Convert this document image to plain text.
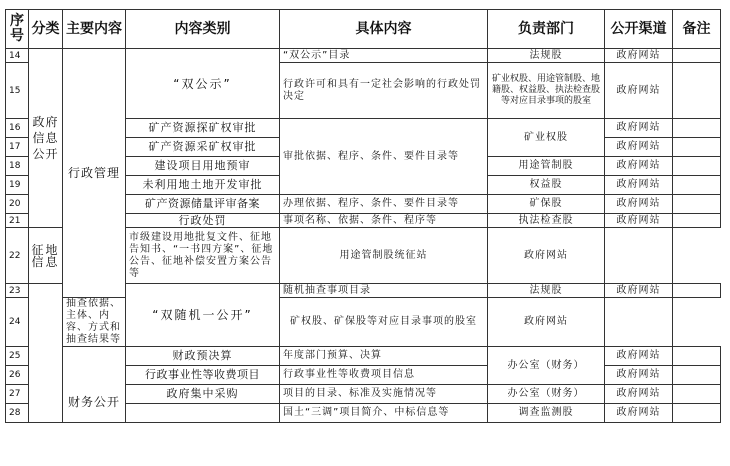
序号	分类	主要内容	内容类别	具体内容	负责部门	公开渠道	备注
14	政府信息公开	行政管理	“双公示”	“双公示”目录	法规股	政府网站	
15				行政许可和具有一定社会影响的行政处罚决定	矿业权股、用途管制股、地籍股、权益股、执法检查股等对应目录事项的股室	政府网站	
16			矿产资源探矿权审批	审批依据、程序、条件、要件目录等	矿业权股	政府网站	
17			矿产资源采矿权审批			政府网站	
18			建设项目用地预审		用途管制股	政府网站	
19			未利用地土地开发审批		权益股	政府网站	
20			矿产资源储量评审备案	办理依据、程序、条件、要件目录等	矿保股	政府网站	
21			行政处罚	事项名称、依据、条件、程序等	执法检查股	政府网站	
22	征地信息		市级建设用地批复文件、征地告知书、“一书四方案”、征地公告、征地补偿安置方案公告等	用途管制股统征站	政府网站		
23			“双随机一公开”	随机抽查事项目录	法规股	政府网站	
24		抽查依据、主体、内容、方式和抽查结果等		矿权股、矿保股等对应目录事项的股室	政府网站		
25		财务公开	财政预决算	年度部门预算、决算	办公室（财务）	政府网站	
26			行政事业性等收费项目	行政事业性等收费项目信息		政府网站	
27			政府集中采购	项目的目录、标准及实施情况等	办公室（财务）	政府网站	
28				国土“三调”项目简介、中标信息等	调查监测股	政府网站	
